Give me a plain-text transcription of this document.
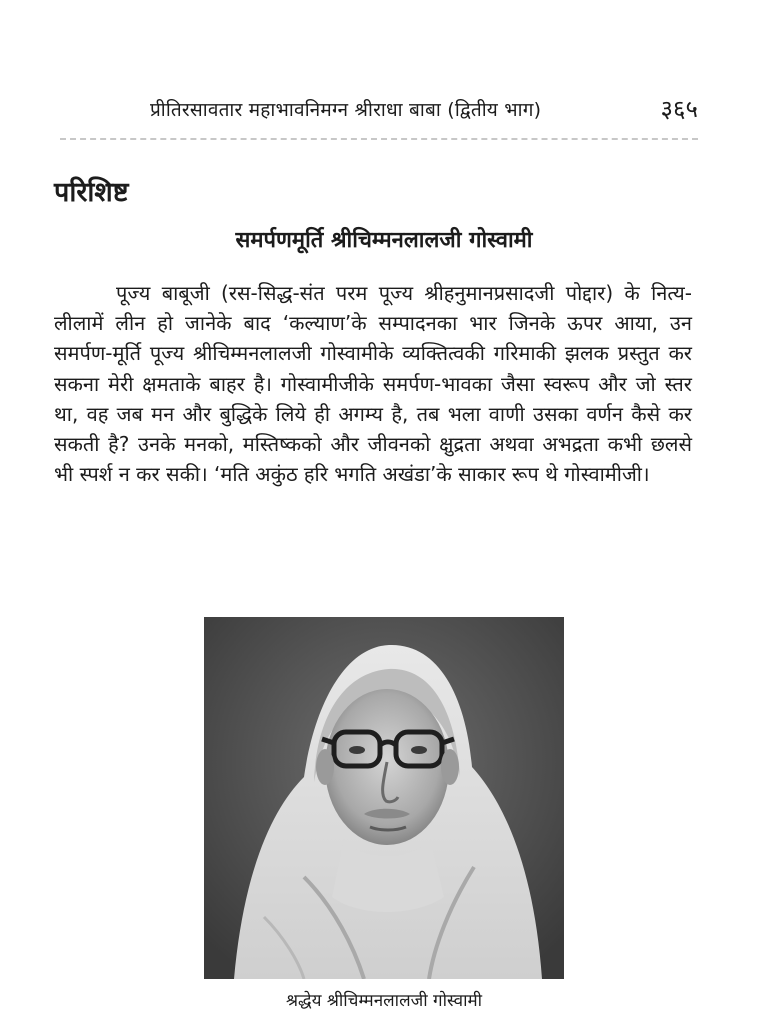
प्रीतिरसावतार महाभावनिमग्न श्रीराधा बाबा (द्वितीय भाग)	३६५
परिशिष्ट
समर्पणमूर्ति श्रीचिम्मनलालजी गोस्वामी

पूज्य बाबूजी (रस-सिद्ध-संत परम पूज्य श्रीहनुमानप्रसादजी पोद्दार) के नित्य-लीलामें लीन हो जानेके बाद ‘कल्याण’के सम्पादनका भार जिनके ऊपर आया, उन समर्पण-मूर्ति पूज्य श्रीचिम्मनलालजी गोस्वामीके व्यक्तित्वकी गरिमाकी झलक प्रस्तुत कर सकना मेरी क्षमताके बाहर है। गोस्वामीजीके समर्पण-भावका जैसा स्वरूप और जो स्तर था, वह जब मन और बुद्धिके लिये ही अगम्य है, तब भला वाणी उसका वर्णन कैसे कर सकती है? उनके मनको, मस्तिष्कको और जीवनको क्षुद्रता अथवा अभद्रता कभी छलसे भी स्पर्श न कर सकी। ‘मति अकुंठ हरि भगति अखंडा’के साकार रूप थे गोस्वामीजी।

श्रद्धेय श्रीचिम्मनलालजी गोस्वामी
